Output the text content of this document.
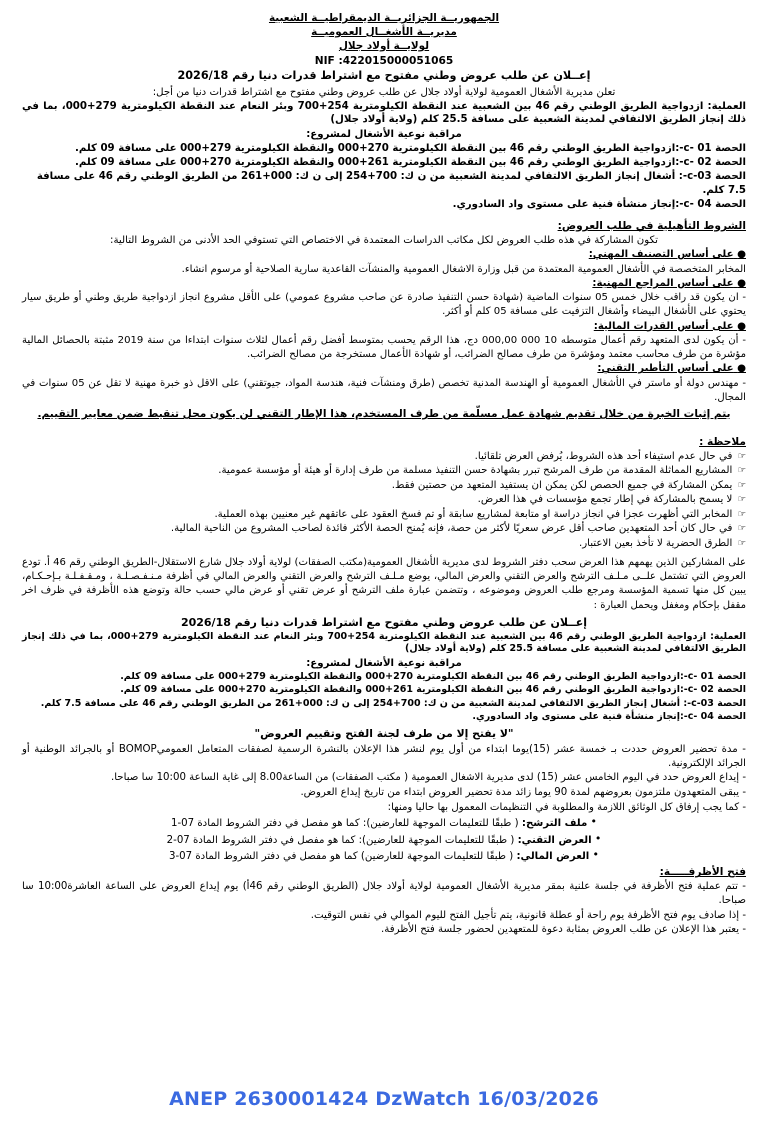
الجمهوريــة الجزائريــة الديمقراطيــة الشعبية
مديريــة الأشغــال العموميــة
لولايــة أولاد جلال
NIF :422015000051065
إعــلان عن طلب عروض وطني مفتوح مع اشتراط قدرات دنيا رقم 2026/18
تعلن مديرية الأشغال العمومية لولاية أولاد جلال عن طلب عروض وطني مفتوح مع اشتراط قدرات دنيا من أجل:
العملية: ازدواجية الطريق الوطني رقم 46 بين الشعبية عند النقطة الكيلومترية 254+700 وبئر النعام عند النقطة الكيلومترية 279+000، بما في ذلك إنجاز الطريق الالتفافي لمدينة الشعبية على مسافة 25.5 كلم (ولاية أولاد جلال)
مراقبة نوعية الأشغال لمشروع:
الحصة 01 -c-:ازدواجية الطريق الوطني رقم 46 بين النقطة الكيلومترية 270+000 والنقطة الكيلومترية 279+000 على مسافة 09 كلم.
الحصة 02 -c-:ازدواجية الطريق الوطني رقم 46 بين النقطة الكيلومترية 261+000 والنقطة الكيلومترية 270+000 على مسافة 09 كلم.
الحصة c-03-: أشغال إنجاز الطريق الالتفافي لمدينة الشعبية من ن ك: 700+254 إلى ن ك: 000+261 من الطريق الوطني رقم 46 على مسافة 7.5 كلم.
الحصة 04 -c-:إنجاز منشأة فنية على مستوى واد السادوري.
الشروط التأهيلية في طلب العروض:
تكون المشاركة في هذه طلب العروض لكل مكاتب الدراسات المعتمدة في الاختصاص التي تستوفي الحد الأدنى من الشروط التالية:
● على أساس التصنيف المهني:
المخابر المتخصصة في الأشغال العمومية المعتمدة من قبل وزارة الاشغال العمومية والمنشآت القاعدية سارية الصلاحية أو مرسوم انشاء.
● على أساس المراجع المهنية:
- ان يكون قد راقب خلال خمس 05 سنوات الماضية (شهادة حسن التنفيذ صادرة عن صاحب مشروع عمومي) على الأقل مشروع انجاز ازدواجية طريق وطني أو طريق سيار يحتوي على الأشغال البيضاء وأشغال التزفيت على مسافة 05 كلم أو أكثر.
● على أساس القدرات المالية:
- أن يكون لدى المتعهد رقم أعمال متوسطه 10 000 000,00 دج، هذا الرقم يحسب بمتوسط أفضل رقم أعمال لثلاث سنوات ابتداءا من سنة 2019 مثبتة بالحصائل المالية مؤشرة من طرف محاسب معتمد ومؤشرة من طرف مصالح الضرائب، أو شهادة الأعمال مستخرجة من مصالح الضرائب.
● على أساس التأطير التقني:
- مهندس دولة أو ماستر في الأشغال العمومية أو الهندسة المدنية تخصص (طرق ومنشآت فنية، هندسة المواد، جيوتقني) على الاقل ذو خبرة مهنية لا تقل عن 05 سنوات في المجال.
يتم إثبات الخبرة من خلال تقديم شهادة عمل مسلّمة من طرف المستخدم، هذا الإطار التقني لن يكون محل تنقيط ضمن معايير التقييم.
ملاحظة :
☞ في حال عدم استيفاء أحد هذه الشروط، يُرفض العرض تلقائيا.
☞ المشاريع المماثلة المقدمة من طرف المرشح تبرر بشهادة حسن التنفيذ مسلمة من طرف إدارة أو هيئة أو مؤسسة عمومية.
☞ يمكن المشاركة في جميع الحصص لكن يمكن ان يستفيد المتعهد من حصتين فقط.
☞ لا يسمح بالمشاركة في إطار تجمع مؤسسات في هذا العرض.
☞ المخابر التي أظهرت عجزا في انجاز دراسة او متابعة لمشاريع سابقة أو تم فسخ العقود على عاتقهم غير معنيين بهذه العملية.
☞ في حال كان أحد المتعهدين صاحب أقل عرض سعريًا لأكثر من حصة، فإنه يُمنح الحصة الأكثر فائدة لصاحب المشروع من الناحية المالية.
☞ الطرق الحضرية لا تأخذ بعين الاعتبار.
على المشاركين الذين يهمهم هذا العرض سحب دفتر الشروط لدى مديرية الأشغال العمومية(مكتب الصفقات) لولاية أولاد جلال شارع الاستقلال-الطريق الوطني رقم 46 أ. تودع العروض التي تشتمل علــى مـلـف الترشح والعرض التقني والعرض المالي، يوضع مـلـف الترشح والعرض التقني والعرض المالي في أظرفة مـنـفـصـلـة ، ومـقـفـلـة بـإحـكـام، يبين كل منها تسمية المؤسسة ومرجع طلب العروض وموضوعه ، وتتضمن عبارة ملف الترشح أو عرض تقني أو عرض مالي حسب حالة وتوضع هذه الأظرفة في ظرف اخر مقفل بإحكام ومغفل ويحمل العبارة :
إعــلان عن طلب عروض وطني مفتوح مع اشتراط قدرات دنيا رقم 2026/18
العملية: ازدواجية الطريق الوطني رقم 46 بين الشعبية عند النقطة الكيلومترية 254+700 وبئر النعام عند النقطة الكيلومترية 279+000، بما في ذلك إنجاز الطريق الالتفافي لمدينة الشعبية على مسافة 25.5 كلم (ولاية أولاد جلال)
مراقبة نوعية الأشغال لمشروع:
الحصة 01 -c-:ازدواجية الطريق الوطني رقم 46 بين النقطة الكيلومترية 270+000 والنقطة الكيلومترية 279+000 على مسافة 09 كلم.
الحصة 02 -c-:ازدواجية الطريق الوطني رقم 46 بين النقطة الكيلومترية 261+000 والنقطة الكيلومترية 270+000 على مسافة 09 كلم.
الحصة c-03-: أشغال إنجاز الطريق الالتفافي لمدينة الشعبية من ن ك: 700+254 إلى ن ك: 000+261 من الطريق الوطني رقم 46 على مسافة 7.5 كلم.
الحصة 04 -c-:إنجاز منشأة فنية على مستوى واد السادوري.
"لا يفتح إلا من طرف لجنة الفتح وتقييم العروض"
- مدة تحضير العروض حددت بـ خمسة عشر (15)يوما ابتداء من أول يوم لنشر هذا الإعلان بالنشرة الرسمية لصفقات المتعامل العموميBOMOP أو بالجرائد الوطنية أو الجرائد الإلكترونية.
- إيداع العروض حدد في اليوم الخامس عشر (15) لدى مديرية الاشغال العمومية ( مكتب الصفقات) من الساعة8.00 إلى غاية الساعة 10:00 سا صباحا.
- يبقى المتعهدون ملتزمون بعروضهم لمدة 90 يوما زائد مدة تحضير العروض ابتداء من تاريخ إيداع العروض.
- كما يجب إرفاق كل الوثائق اللازمة والمطلوبة في التنظيمات المعمول بها حاليا ومنها:
• ملف الترشح: ( طبقًا للتعليمات الموجهة للعارضين): كما هو مفصل في دفتر الشروط المادة 07-1
• العرض التقني: ( طبقًا للتعليمات الموجهة للعارضين): كما هو مفصل في دفتر الشروط المادة 07-2
• العرض المالي: ( طبقًا للتعليمات الموجهة للعارضين) كما هو مفصل في دفتر الشروط المادة 07-3
فتح الأظرفـــــة:
- تتم عملية فتح الأظرفة في جلسة علنية بمقر مديرية الأشغال العمومية لولاية أولاد جلال (الطريق الوطني رقم 46أ) يوم إيداع العروض على الساعة العاشرة10:00 سا صباحا.
- إذا صادف يوم فتح الأظرفة يوم راحة أو عطلة قانونية، يتم تأجيل الفتح لليوم الموالي في نفس التوقيت.
- يعتبر هذا الإعلان عن طلب العروض بمثابة دعوة للمتعهدين لحضور جلسة فتح الأظرفة.
ANEP 2630001424 DzWatch 16/03/2026
